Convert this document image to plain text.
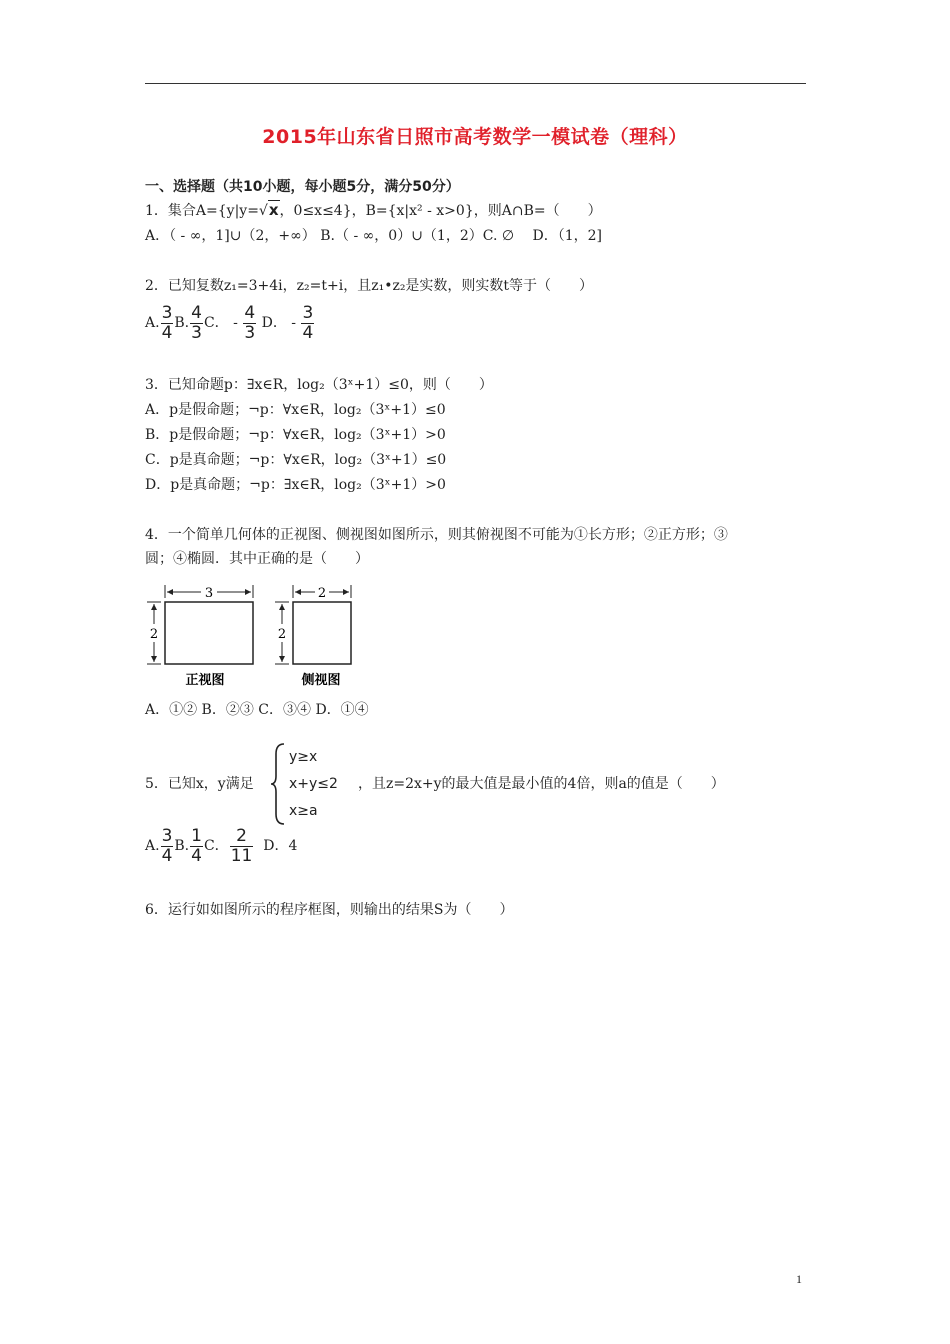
2015年山东省日照市高考数学一模试卷（理科）
一、选择题（共10小题，每小题5分，满分50分）
1．集合A={y|y=√x，0≤x≤4}，B={x|x² - x>0}，则A∩B=（　　）
A．（ - ∞，1]∪（2，+∞） B.（ - ∞，0）∪（1，2）C. ∅　 D．（1，2]
2．已知复数z₁=3+4i，z₂=t+i，且z₁•z₂是实数，则实数t等于（　　）
A. $\frac{3}{4} B$. $\frac{4}{3}$ C． - $\frac{4}{3}$ D． - $\frac{3}{4}$
3．已知命题p：∃x∈R，log₂（3ˣ+1）≤0，则（　　）
A．p是假命题；¬p：∀x∈R，log₂（3ˣ+1）≤0
B．p是假命题；¬p：∀x∈R，log₂（3ˣ+1）>0
C．p是真命题；¬p：∀x∈R，log₂（3ˣ+1）≤0
D．p是真命题；¬p：∃x∈R，log₂（3ˣ+1）>0
4．一个简单几何体的正视图、侧视图如图所示，则其俯视图不可能为①长方形；②正方形；③
圆；④椭圆．其中正确的是（　　）
3
2
正视图
2
2
侧视图
A．①② B．②③ C．③④ D．①④
5．已知x，y满足
y≥x
x+y≤2
x≥a
，且z=2x+y的最大值是最小值的4倍，则a的值是（　　）
A. $\frac{3}{4} B$. $\frac{1}{4}$ C． $\frac{2}{11}$ D．4
6．运行如如图所示的程序框图，则输出的结果S为（　　）
1
